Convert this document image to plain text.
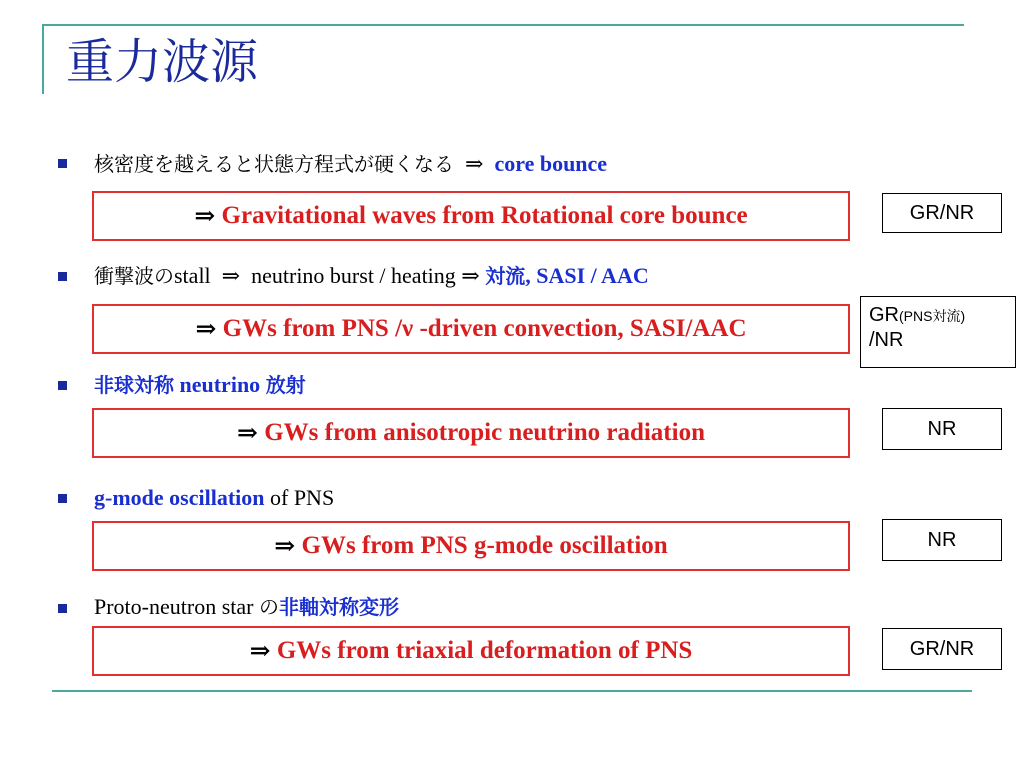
重力波源
核密度を越えると状態方程式が硬くなる ⇒ core bounce
⇒
Gravitational waves from Rotational core bounce	GR/NR
衝撃波のstall ⇒ neutrino burst / heating ⇒ 対流, SASI / AAC
⇒
GWs from PNS /ν -driven convection, SASI/AAC	GR(PNS対流)
/NR
非球対称 neutrino 放射
⇒
GWs from anisotropic neutrino radiation	NR
g-mode oscillation of PNS
⇒
GWs from PNS g-mode oscillation	NR
Proto-neutron star の非軸対称変形
⇒
GWs from triaxial deformation of PNS	GR/NR
